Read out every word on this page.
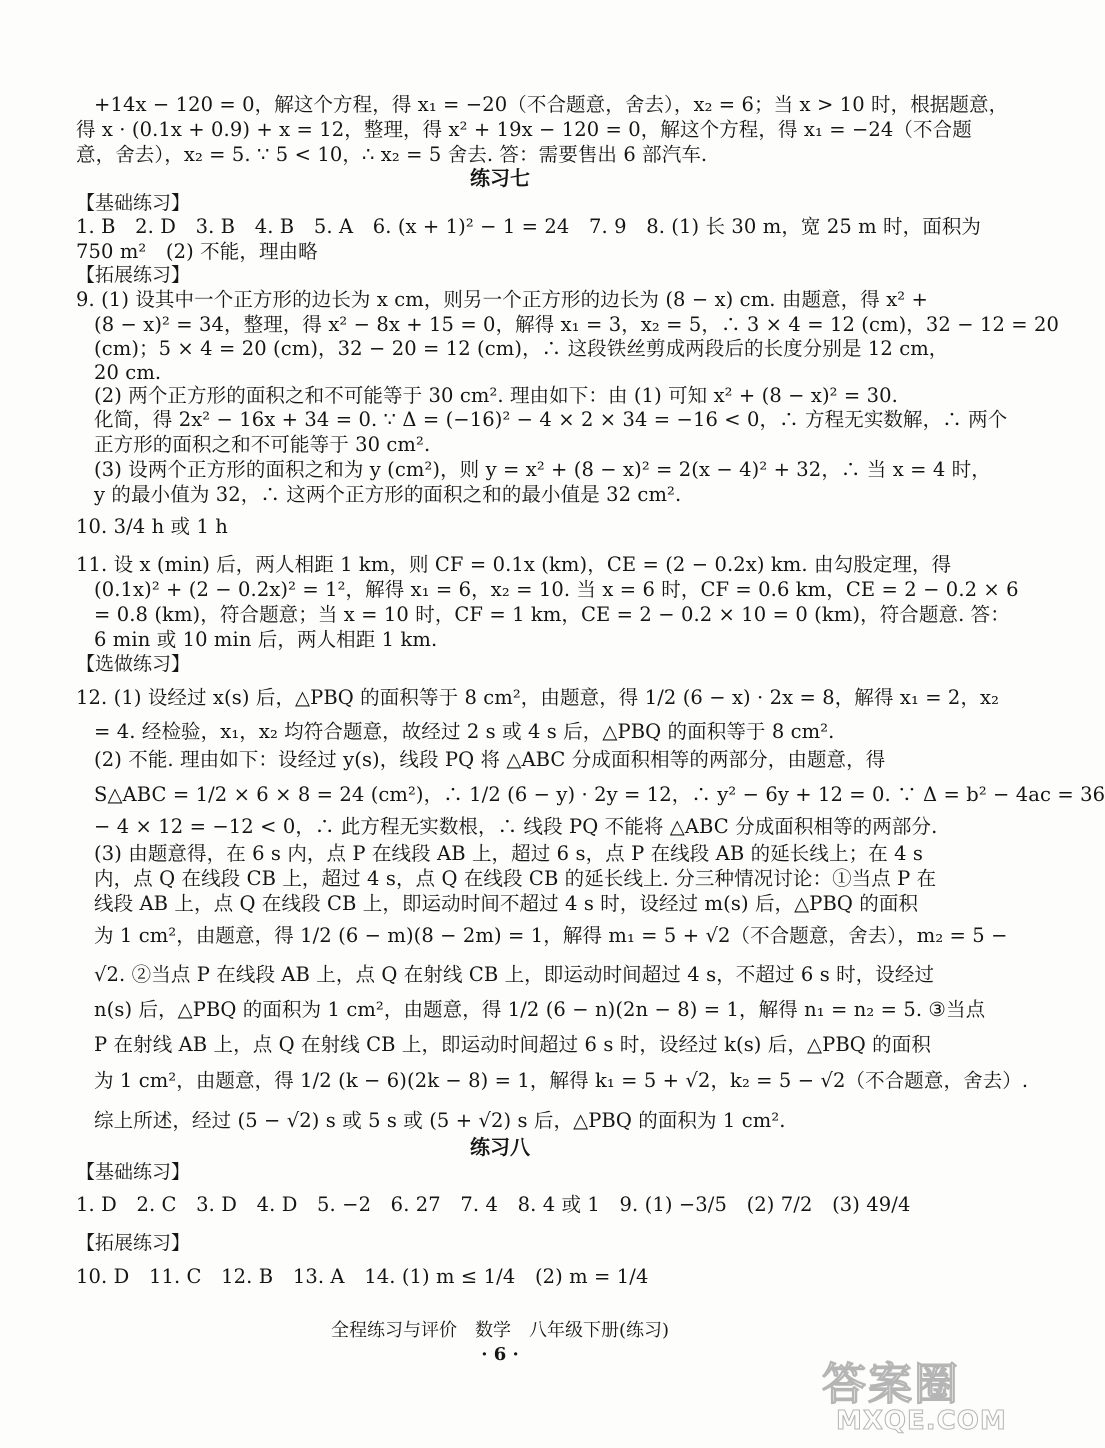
+14x − 120 = 0，解这个方程，得 x₁ = −20（不合题意，舍去），x₂ = 6；当 x > 10 时，根据题意，
得 x · (0.1x + 0.9) + x = 12，整理，得 x² + 19x − 120 = 0，解这个方程，得 x₁ = −24（不合题
意，舍去），x₂ = 5. ∵ 5 < 10，∴ x₂ = 5 舍去. 答：需要售出 6 部汽车.
练习七
【基础练习】
1. B　2. D　3. B　4. B　5. A　6. (x + 1)² − 1 = 24　7. 9　8. (1) 长 30 m，宽 25 m 时，面积为
750 m²　(2) 不能，理由略
【拓展练习】
9. (1) 设其中一个正方形的边长为 x cm，则另一个正方形的边长为 (8 − x) cm. 由题意，得 x² +
(8 − x)² = 34，整理，得 x² − 8x + 15 = 0，解得 x₁ = 3，x₂ = 5，∴ 3 × 4 = 12 (cm)，32 − 12 = 20
(cm)；5 × 4 = 20 (cm)，32 − 20 = 12 (cm)，∴ 这段铁丝剪成两段后的长度分别是 12 cm，
20 cm.
(2) 两个正方形的面积之和不可能等于 30 cm². 理由如下：由 (1) 可知 x² + (8 − x)² = 30.
化简，得 2x² − 16x + 34 = 0. ∵ Δ = (−16)² − 4 × 2 × 34 = −16 < 0，∴ 方程无实数解，∴ 两个
正方形的面积之和不可能等于 30 cm².
(3) 设两个正方形的面积之和为 y (cm²)，则 y = x² + (8 − x)² = 2(x − 4)² + 32，∴ 当 x = 4 时，
y 的最小值为 32，∴ 这两个正方形的面积之和的最小值是 32 cm².
10. 3/4 h 或 1 h
11. 设 x (min) 后，两人相距 1 km，则 CF = 0.1x (km)，CE = (2 − 0.2x) km. 由勾股定理，得
(0.1x)² + (2 − 0.2x)² = 1²，解得 x₁ = 6，x₂ = 10. 当 x = 6 时，CF = 0.6 km，CE = 2 − 0.2 × 6
= 0.8 (km)，符合题意；当 x = 10 时，CF = 1 km，CE = 2 − 0.2 × 10 = 0 (km)，符合题意. 答：
6 min 或 10 min 后，两人相距 1 km.
【选做练习】
12. (1) 设经过 x(s) 后，△PBQ 的面积等于 8 cm²，由题意，得 1/2 (6 − x) · 2x = 8，解得 x₁ = 2，x₂
= 4. 经检验，x₁，x₂ 均符合题意，故经过 2 s 或 4 s 后，△PBQ 的面积等于 8 cm².
(2) 不能. 理由如下：设经过 y(s)，线段 PQ 将 △ABC 分成面积相等的两部分，由题意，得
S△ABC = 1/2 × 6 × 8 = 24 (cm²)，∴ 1/2 (6 − y) · 2y = 12，∴ y² − 6y + 12 = 0. ∵ Δ = b² − 4ac = 36
− 4 × 12 = −12 < 0，∴ 此方程无实数根，∴ 线段 PQ 不能将 △ABC 分成面积相等的两部分.
(3) 由题意得，在 6 s 内，点 P 在线段 AB 上，超过 6 s，点 P 在线段 AB 的延长线上；在 4 s
内，点 Q 在线段 CB 上，超过 4 s，点 Q 在线段 CB 的延长线上. 分三种情况讨论：①当点 P 在
线段 AB 上，点 Q 在线段 CB 上，即运动时间不超过 4 s 时，设经过 m(s) 后，△PBQ 的面积
为 1 cm²，由题意，得 1/2 (6 − m)(8 − 2m) = 1，解得 m₁ = 5 + √2（不合题意，舍去），m₂ = 5 −
√2. ②当点 P 在线段 AB 上，点 Q 在射线 CB 上，即运动时间超过 4 s，不超过 6 s 时，设经过
n(s) 后，△PBQ 的面积为 1 cm²，由题意，得 1/2 (6 − n)(2n − 8) = 1，解得 n₁ = n₂ = 5. ③当点
P 在射线 AB 上，点 Q 在射线 CB 上，即运动时间超过 6 s 时，设经过 k(s) 后，△PBQ 的面积
为 1 cm²，由题意，得 1/2 (k − 6)(2k − 8) = 1，解得 k₁ = 5 + √2，k₂ = 5 − √2（不合题意，舍去）.
综上所述，经过 (5 − √2) s 或 5 s 或 (5 + √2) s 后，△PBQ 的面积为 1 cm².
练习八
【基础练习】
1. D　2. C　3. D　4. D　5. −2　6. 27　7. 4　8. 4 或 1　9. (1) −3/5　(2) 7/2　(3) 49/4
【拓展练习】
10. D　11. C　12. B　13. A　14. (1) m ≤ 1/4　(2) m = 1/4
全程练习与评价　数学　八年级下册(练习)
· 6 ·
答案圈
MXQE.COM
